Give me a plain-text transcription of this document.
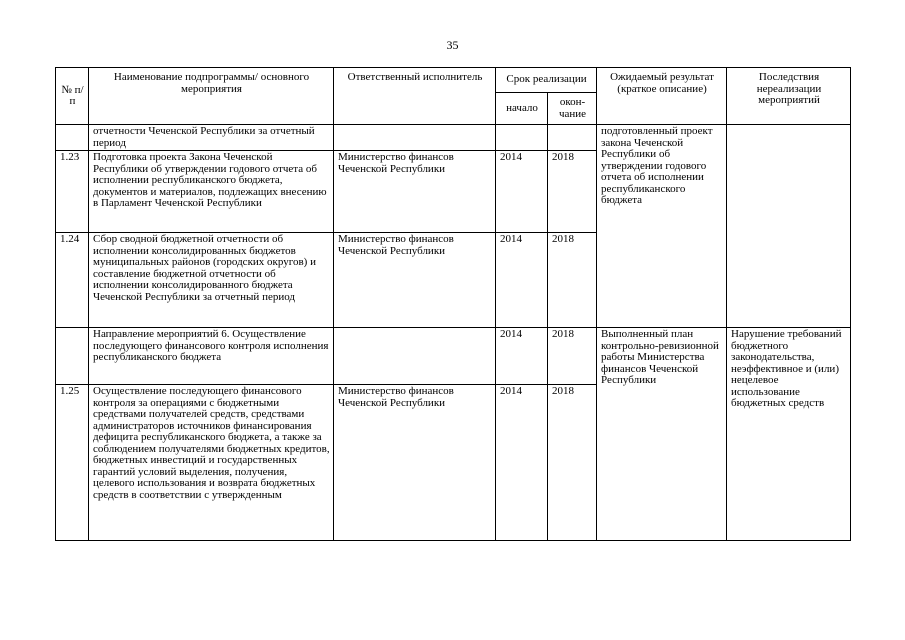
35
№ п/п	Наименование подпрограммы/ основного мероприятия	Ответственный исполнитель	Срок реализации		Ожидаемый результат (краткое описание)	Последствия нереализации мероприятий
			начало	окон- чание		
	отчетности Чеченской Республики за отчетный период				подготовленный проект закона Чеченской Республики об утверждении годового отчета об исполнении республиканского бюджета	
1.23	Подготовка проекта Закона Чеченской Республики об утверждении годового отчета об исполнении республиканского бюджета, документов и материалов, подлежащих внесению в Парламент Чеченской Республики	Министерство финансов Чеченской Республики	2014	2018		
1.24	Сбор сводной бюджетной отчетности об исполнении консолидированных бюджетов муниципальных районов (городских округов) и составление бюджетной отчетности об исполнении консолидированного бюджета Чеченской Республики за отчетный период	Министерство финансов Чеченской Республики	2014	2018		
	Направление мероприятий 6. Осуществление последующего финансового контроля исполнения республиканского бюджета		2014	2018	Выполненный план контрольно-ревизионной работы Министерства финансов Чеченской Республики	Нарушение требований бюджетного законодательства, неэффективное и (или) нецелевое использование бюджетных средств
1.25	Осуществление последующего финансового контроля за операциями с бюджетными средствами получателей средств, средствами администраторов источников финансирования дефицита республиканского бюджета, а также за соблюдением получателями бюджетных кредитов, бюджетных инвестиций и государственных гарантий условий выделения, получения, целевого использования и возврата бюджетных средств в соответствии с утвержденным	Министерство финансов Чеченской Республики	2014	2018		
